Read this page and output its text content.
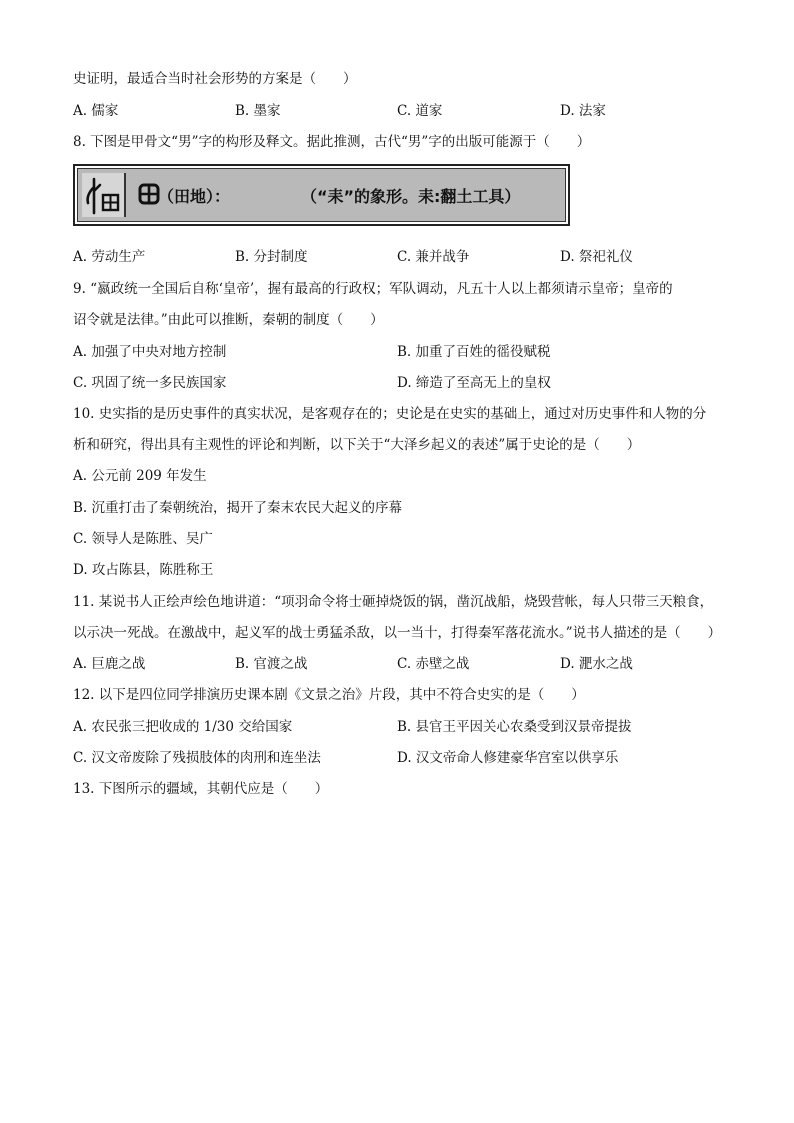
史证明，最适合当时社会形势的方案是（　　）
A. 儒家	B. 墨家	C. 道家	D. 法家
8. 下图是甲骨文“男”字的构形及释文。据此推测，古代“男”字的出版可能源于（　　）
（田地）：	（“耒”的象形。耒:翻土工具）
A. 劳动生产	B. 分封制度	C. 兼并战争	D. 祭祀礼仪
9. “嬴政统一全国后自称‘皇帝’，握有最高的行政权；军队调动，凡五十人以上都须请示皇帝；皇帝的
诏令就是法律。”由此可以推断，秦朝的制度（　　）
A. 加强了中央对地方控制	B. 加重了百姓的徭役赋税
C. 巩固了统一多民族国家	D. 缔造了至高无上的皇权
10. 史实指的是历史事件的真实状况，是客观存在的；史论是在史实的基础上，通过对历史事件和人物的分
析和研究，得出具有主观性的评论和判断，以下关于“大泽乡起义的表述”属于史论的是（　　）
A. 公元前 209 年发生
B. 沉重打击了秦朝统治，揭开了秦末农民大起义的序幕
C. 领导人是陈胜、吴广
D. 攻占陈县，陈胜称王
11. 某说书人正绘声绘色地讲道：“项羽命令将士砸掉烧饭的锅，凿沉战船，烧毁营帐，每人只带三天粮食，
以示决一死战。在激战中，起义军的战士勇猛杀敌，以一当十，打得秦军落花流水。”说书人描述的是（　　）
A. 巨鹿之战	B. 官渡之战	C. 赤壁之战	D. 淝水之战
12. 以下是四位同学排演历史课本剧《文景之治》片段，其中不符合史实的是（　　）
A. 农民张三把收成的 1/30 交给国家	B. 县官王平因关心农桑受到汉景帝提拔
C. 汉文帝废除了残损肢体的肉刑和连坐法	D. 汉文帝命人修建豪华宫室以供享乐
13. 下图所示的疆域，其朝代应是（　　）
